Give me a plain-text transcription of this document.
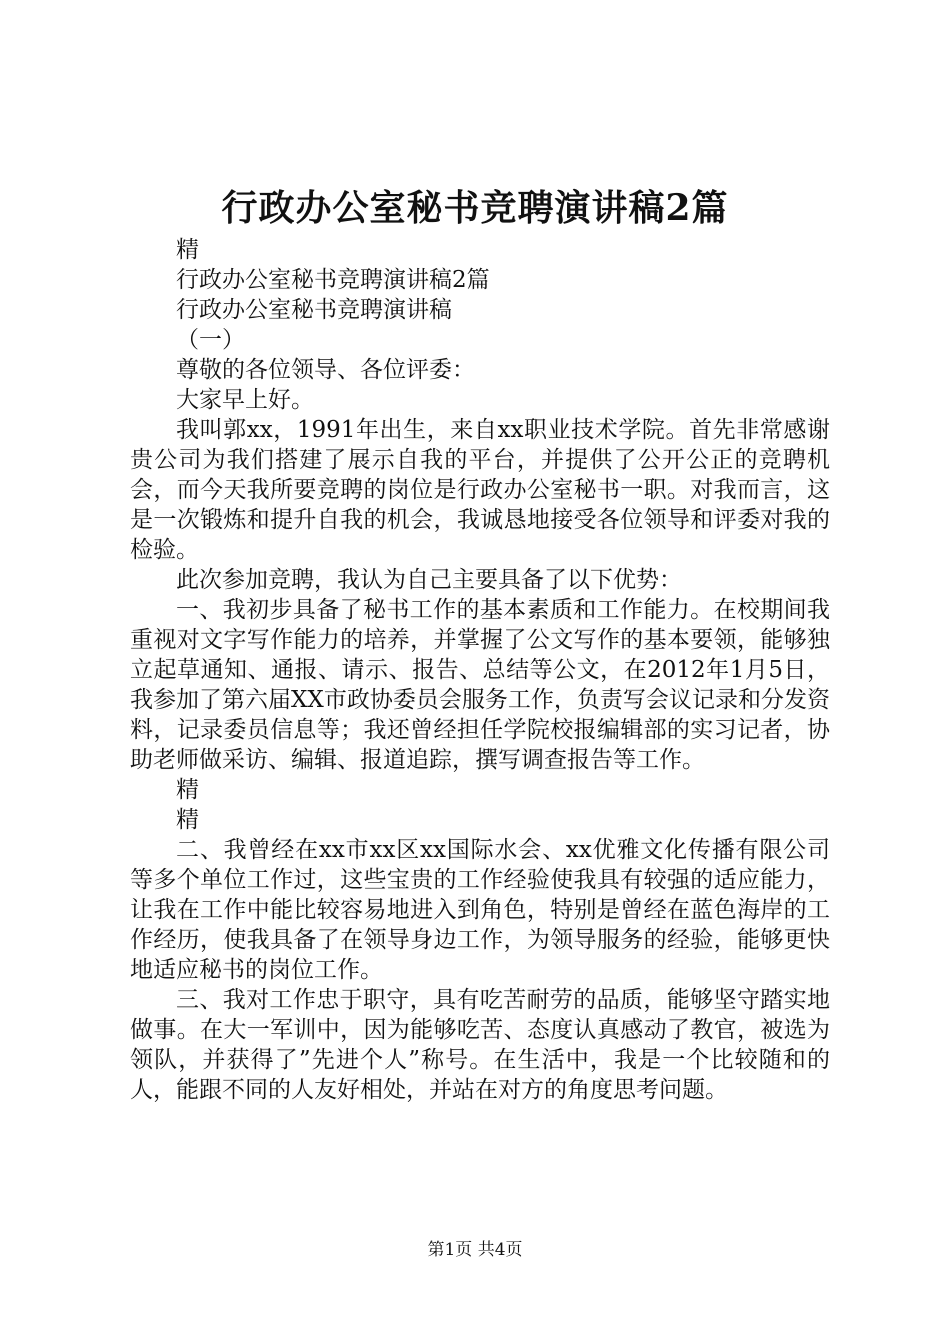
行政办公室秘书竞聘演讲稿2篇
精
行政办公室秘书竞聘演讲稿2篇
行政办公室秘书竞聘演讲稿
（一）
尊敬的各位领导、各位评委：
大家早上好。

我叫郭xx，1991年出生，来自xx职业技术学院。首先非常感谢贵公司为我们搭建了展示自我的平台，并提供了公开公正的竞聘机会，而今天我所要竞聘的岗位是行政办公室秘书一职。对我而言，这是一次锻炼和提升自我的机会，我诚恳地接受各位领导和评委对我的检验。

此次参加竞聘，我认为自己主要具备了以下优势：

一、我初步具备了秘书工作的基本素质和工作能力。在校期间我重视对文字写作能力的培养，并掌握了公文写作的基本要领，能够独立起草通知、通报、请示、报告、总结等公文，在2012年1月5日，我参加了第六届XX市政协委员会服务工作，负责写会议记录和分发资料，记录委员信息等；我还曾经担任学院校报编辑部的实习记者，协助老师做采访、编辑、报道追踪，撰写调查报告等工作。

精
精

二、我曾经在xx市xx区xx国际水会、xx优雅文化传播有限公司等多个单位工作过，这些宝贵的工作经验使我具有较强的适应能力，让我在工作中能比较容易地进入到角色，特别是曾经在蓝色海岸的工作经历，使我具备了在领导身边工作，为领导服务的经验，能够更快地适应秘书的岗位工作。

三、我对工作忠于职守，具有吃苦耐劳的品质，能够坚守踏实地做事。在大一军训中，因为能够吃苦、态度认真感动了教官，被选为领队，并获得了”先进个人”称号。在生活中，我是一个比较随和的人，能跟不同的人友好相处，并站在对方的角度思考问题。

第1页 共4页
